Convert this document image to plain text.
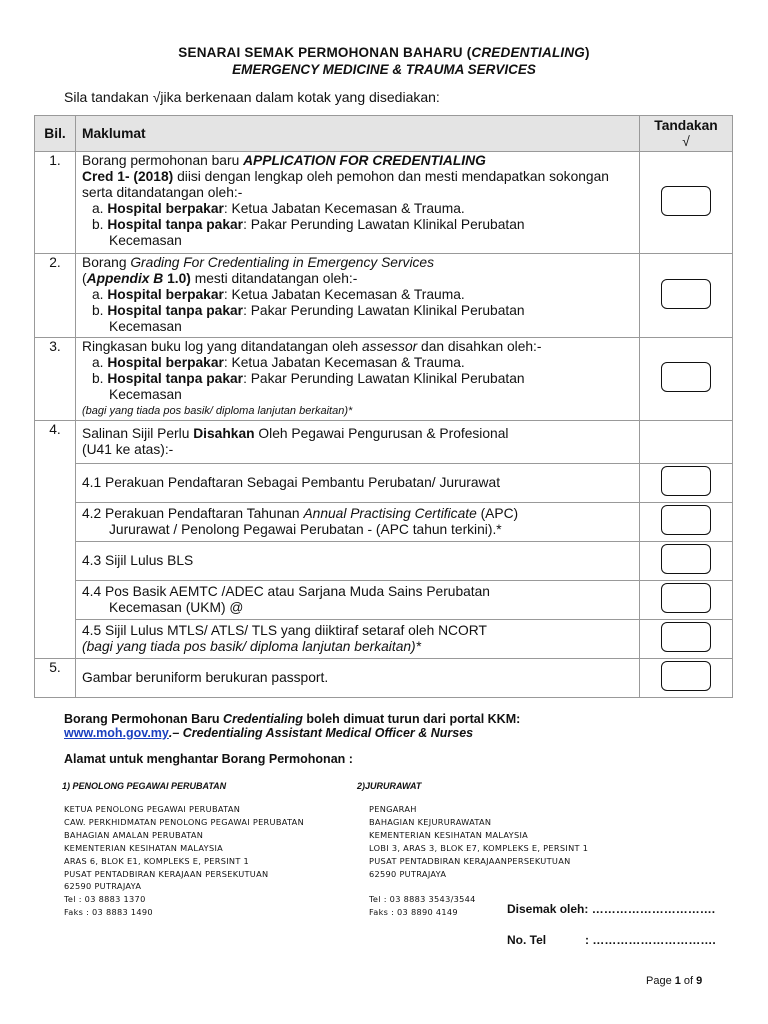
SENARAI SEMAK PERMOHONAN BAHARU (CREDENTIALING)
EMERGENCY MEDICINE & TRAUMA SERVICES
Sila tandakan √jika berkenaan dalam kotak yang disediakan:
Bil.	Maklumat	Tandakan
√

1.	Borang permohonan baru APPLICATION FOR CREDENTIALING
Cred 1- (2018) diisi dengan lengkap oleh pemohon dan mesti mendapatkan sokongan serta ditandatangan oleh:-
a. Hospital berpakar: Ketua Jabatan Kecemasan & Trauma.
b. Hospital tanpa pakar: Pakar Perunding Lawatan Klinikal Perubatan
Kecemasan	

2.	Borang Grading For Credentialing in Emergency Services
(Appendix B 1.0) mesti ditandatangan oleh:-
a. Hospital berpakar: Ketua Jabatan Kecemasan & Trauma.
b. Hospital tanpa pakar: Pakar Perunding Lawatan Klinikal Perubatan
Kecemasan	

3.	Ringkasan buku log yang ditandatangan oleh assessor dan disahkan oleh:-
a. Hospital berpakar: Ketua Jabatan Kecemasan & Trauma.
b. Hospital tanpa pakar: Pakar Perunding Lawatan Klinikal Perubatan
Kecemasan
(bagi yang tiada pos basik/ diploma lanjutan berkaitan)*	

4.	Salinan Sijil Perlu Disahkan Oleh Pegawai Pengurusan & Profesional
(U41 ke atas):-	

	4.1 Perakuan Pendaftaran Sebagai Pembantu Perubatan/ Jururawat	

	4.2 Perakuan Pendaftaran Tahunan Annual Practising Certificate (APC)
Jururawat / Penolong Pegawai Perubatan - (APC tahun terkini).*	

	4.3 Sijil Lulus BLS	

	4.4 Pos Basik AEMTC /ADEC atau Sarjana Muda Sains Perubatan
Kecemasan (UKM) @	

	4.5 Sijil Lulus MTLS/ ATLS/ TLS yang diiktiraf setaraf oleh NCORT
(bagi yang tiada pos basik/ diploma lanjutan berkaitan)*	

5.	Gambar beruniform berukuran passport.	
Borang Permohonan Baru Credentialing boleh dimuat turun dari portal KKM:
www.moh.gov.my.– Credentialing Assistant Medical Officer & Nurses
Alamat untuk menghantar Borang Permohonan :
1) PENOLONG PEGAWAI PERUBATAN	2)JURURAWAT
KETUA PENOLONG PEGAWAI PERUBATAN
CAW. PERKHIDMATAN PENOLONG PEGAWAI PERUBATAN
BAHAGIAN AMALAN PERUBATAN
KEMENTERIAN KESIHATAN MALAYSIA
ARAS 6, BLOK E1, KOMPLEKS E, PERSINT 1
PUSAT PENTADBIRAN KERAJAAN PERSEKUTUAN
62590 PUTRAJAYA
Tel : 03 8883 1370
Faks : 03 8883 1490
PENGARAH
BAHAGIAN KEJURURAWATAN
KEMENTERIAN KESIHATAN MALAYSIA
LOBI 3, ARAS 3, BLOK E7, KOMPLEKS E, PERSINT 1
PUSAT PENTADBIRAN KERAJAANPERSEKUTUAN
62590 PUTRAJAYA
Tel : 03 8883 3543/3544
Faks : 03 8890 4149	Disemak oleh: ………………………….
No. Tel	: ………………………….
Page 1 of 9
